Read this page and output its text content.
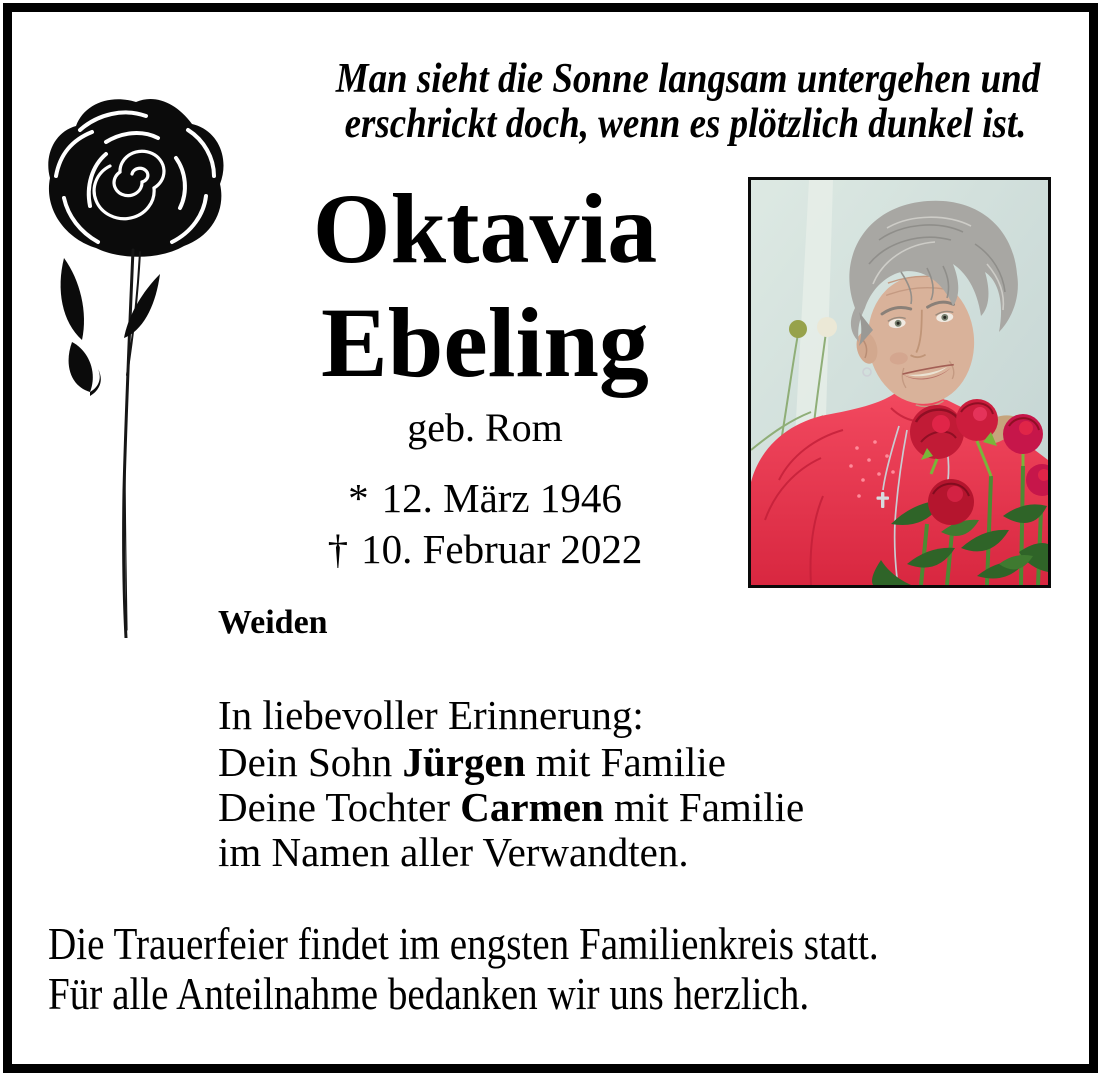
Man sieht die Sonne langsam untergehen und
erschrickt doch, wenn es plötzlich dunkel ist.
Oktavia
Ebeling
geb. Rom
* 12. März 1946
† 10. Februar 2022
Weiden
In liebevoller Erinnerung:
Dein Sohn Jürgen mit Familie
Deine Tochter Carmen mit Familie
im Namen aller Verwandten.
Die Trauerfeier findet im engsten Familienkreis statt.
Für alle Anteilnahme bedanken wir uns herzlich.
